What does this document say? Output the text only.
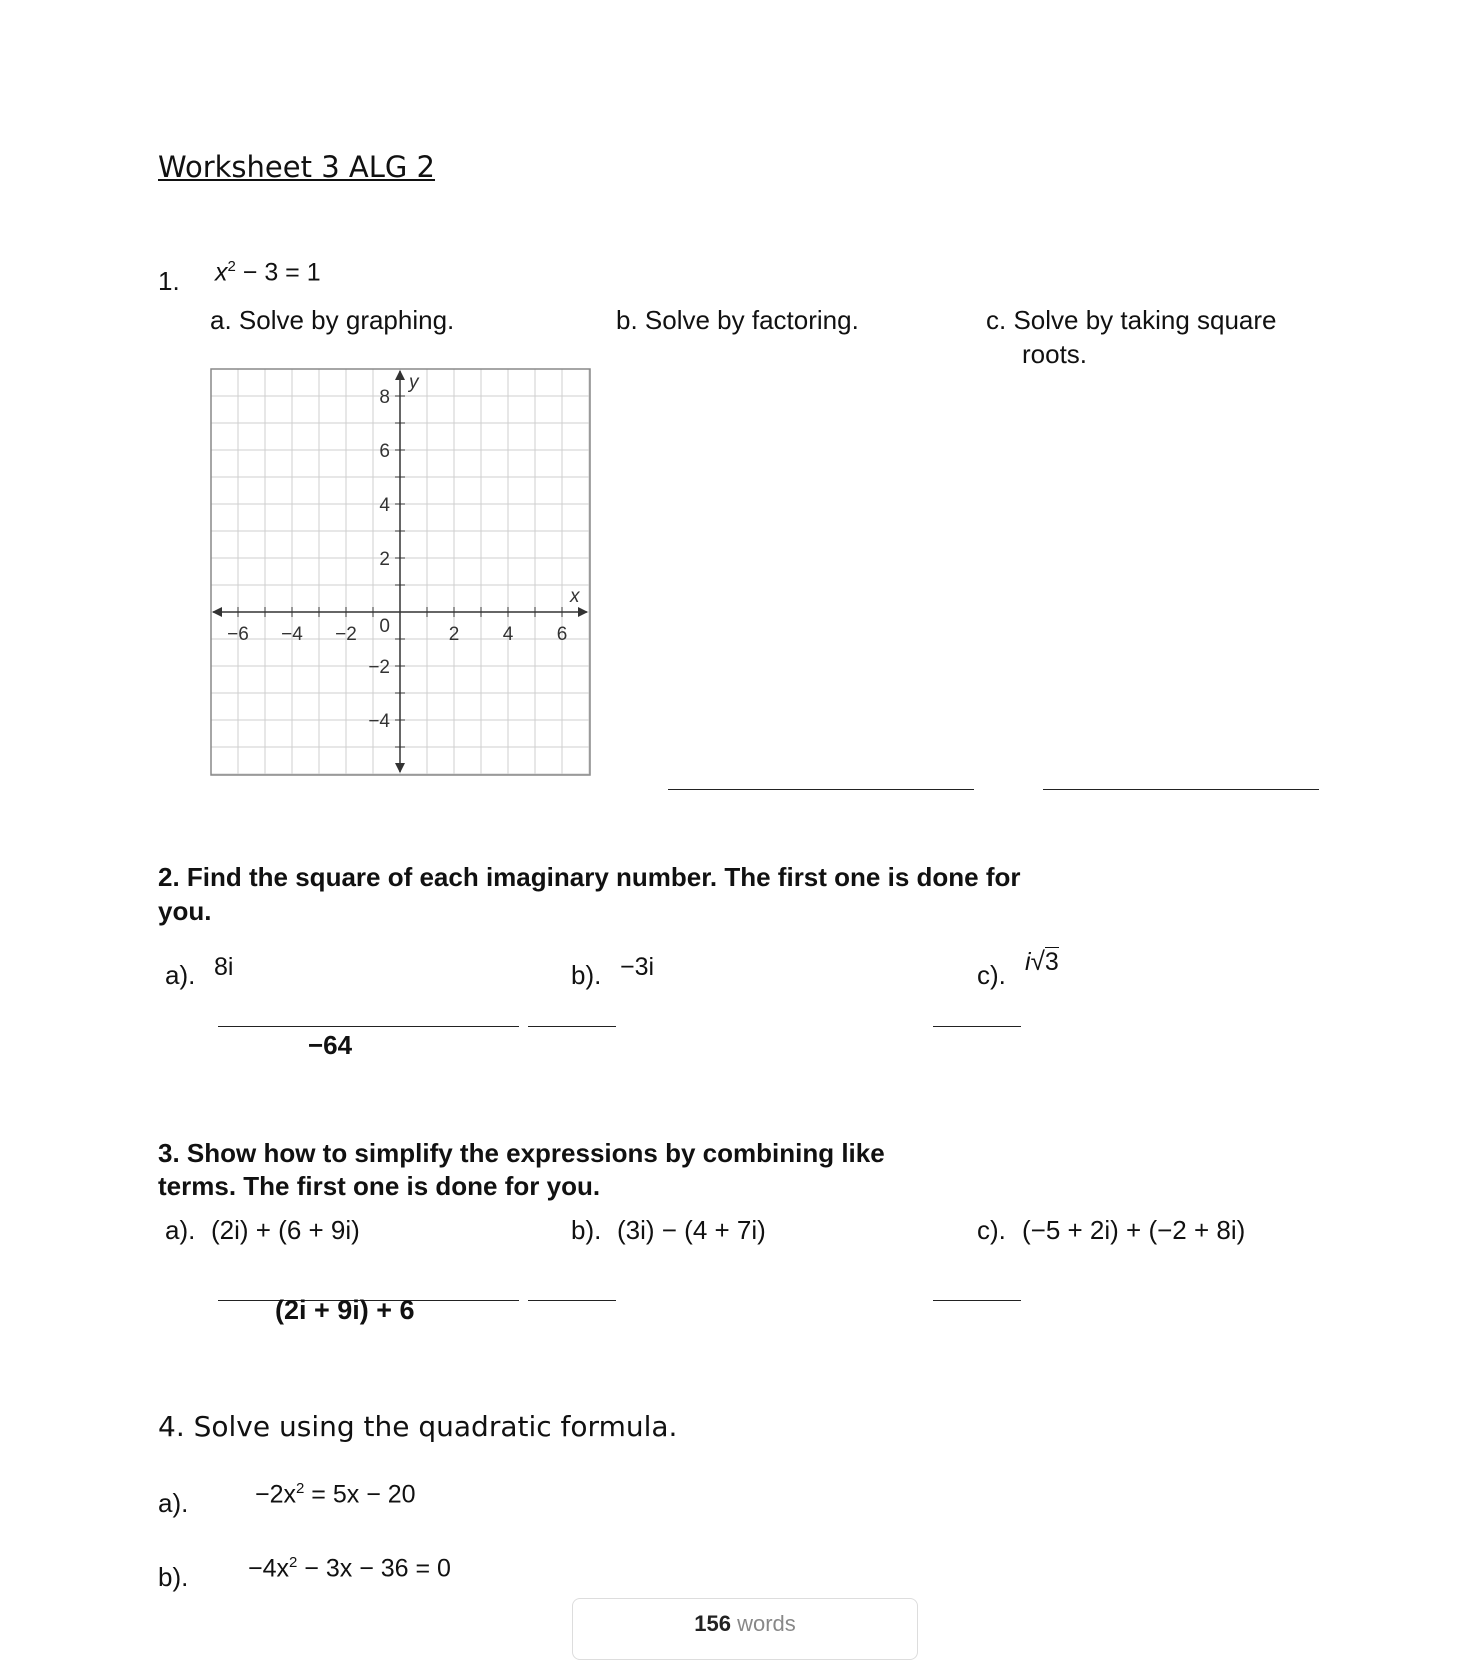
Worksheet 3 ALG 2
1. $x^2 - 3 = 1$
a. Solve by graphing.	b. Solve by factoring.	c. Solve by taking square
roots.
−6 −4 −2	2 4 6
8
6
4
2
−2
−4
0
y
x
2. Find the square of each imaginary number. The first one is done for
you.
a). 8i	b). −3i	c). i√3
−64
3. Show how to simplify the expressions by combining like
terms. The first one is done for you.
a). (2i) + (6 + 9i)	b). (3i) − (4 + 7i)	c). (−5 + 2i) + (−2 + 8i)
(2i + 9i) + 6
4. Solve using the quadratic formula.
a).	$-2x^2 = 5x - 20$
b). $-4x^2 - 3x - 36 = 0$
156 words
